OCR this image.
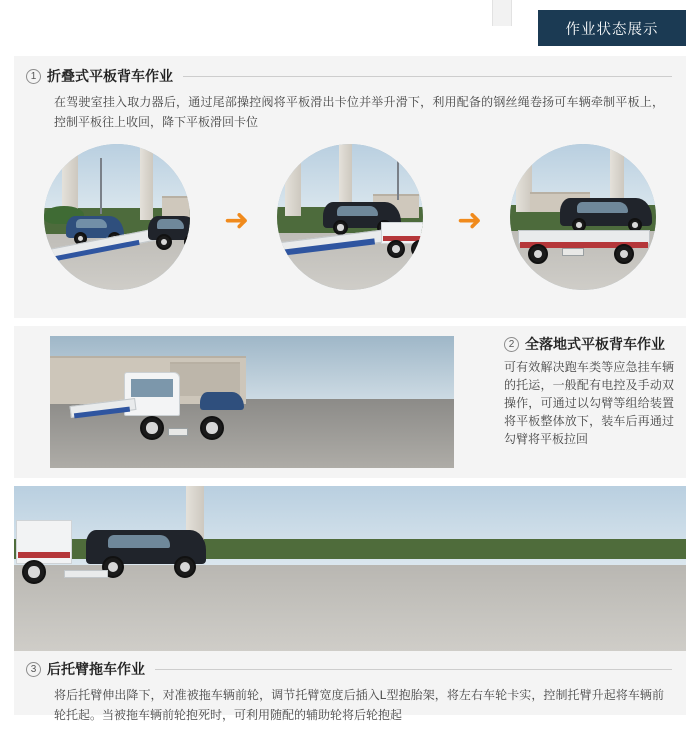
作业状态展示
1 折叠式平板背车作业
在驾驶室挂入取力器后，通过尾部操控阀将平板滑出卡位并举升滑下，利用配备的钢丝绳卷扬可车辆牵制平板上，控制平板往上收回，降下平板滑回卡位
➜	➜
2 全落地式平板背车作业
可有效解决跑车类等应急挂车辆的托运，一般配有电控及手动双操作，可通过以勾臂等组给装置将平板整体放下，装车后再通过勾臂将平板拉回
3 后托臂拖车作业
将后托臂伸出降下，对准被拖车辆前轮，调节托臂宽度后插入L型抱胎架，将左右车轮卡实，控制托臂升起将车辆前轮托起。当被拖车辆前轮抱死时，可利用随配的辅助轮将后轮抱起
